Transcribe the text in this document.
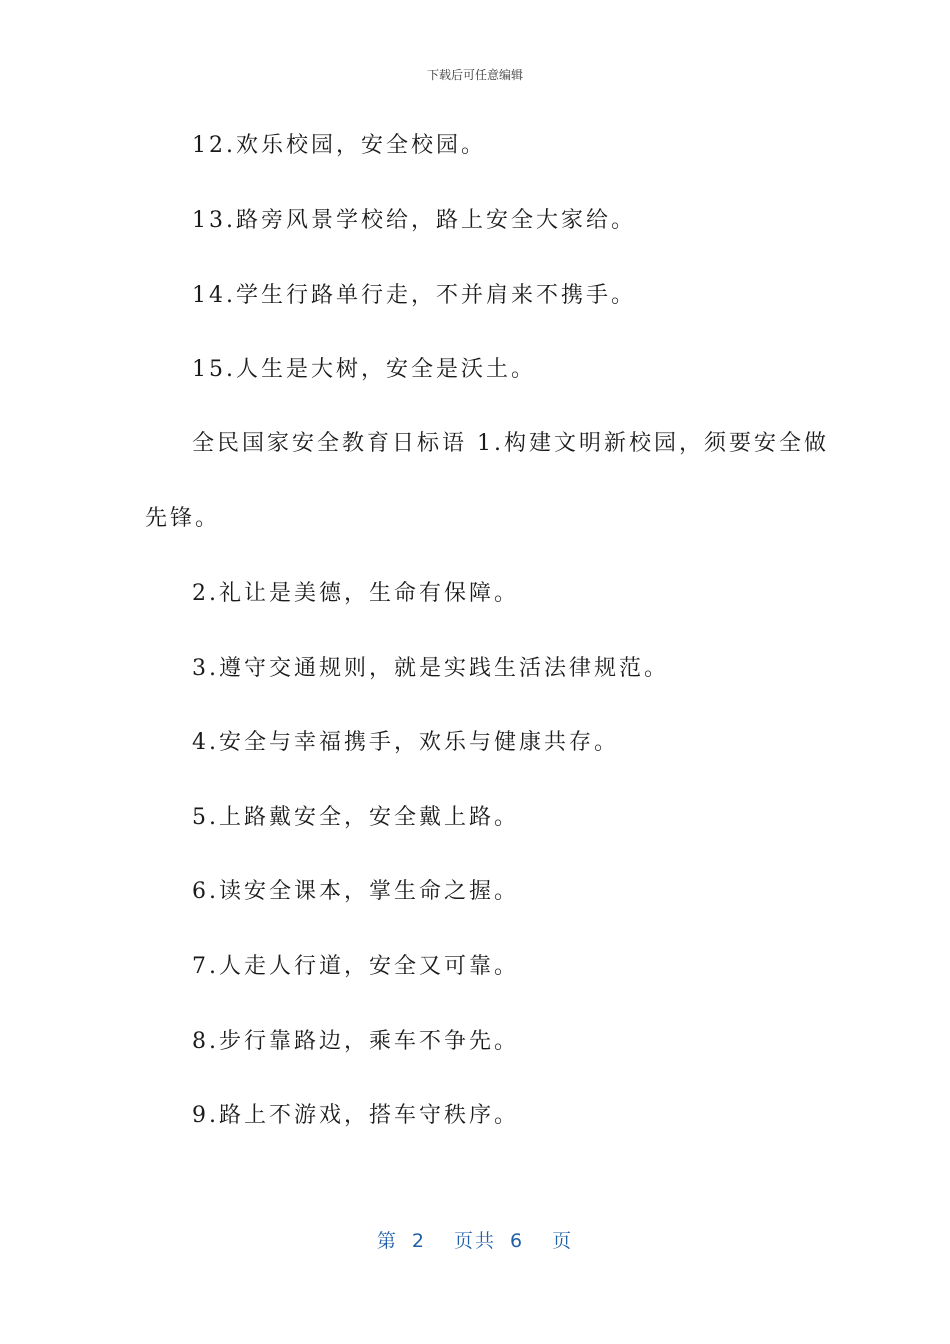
下载后可任意编辑
12.欢乐校园，安全校园。
13.路旁风景学校给，路上安全大家给。
14.学生行路单行走，不并肩来不携手。
15.人生是大树，安全是沃土。
全民国家安全教育日标语 1.构建文明新校园，须要安全做
先锋。
2.礼让是美德，生命有保障。
3.遵守交通规则，就是实践生活法律规范。
4.安全与幸福携手，欢乐与健康共存。
5.上路戴安全，安全戴上路。
6.读安全课本，掌生命之握。
7.人走人行道，安全又可靠。
8.步行靠路边，乘车不争先。
9.路上不游戏，搭车守秩序。
第 2 页共 6 页
